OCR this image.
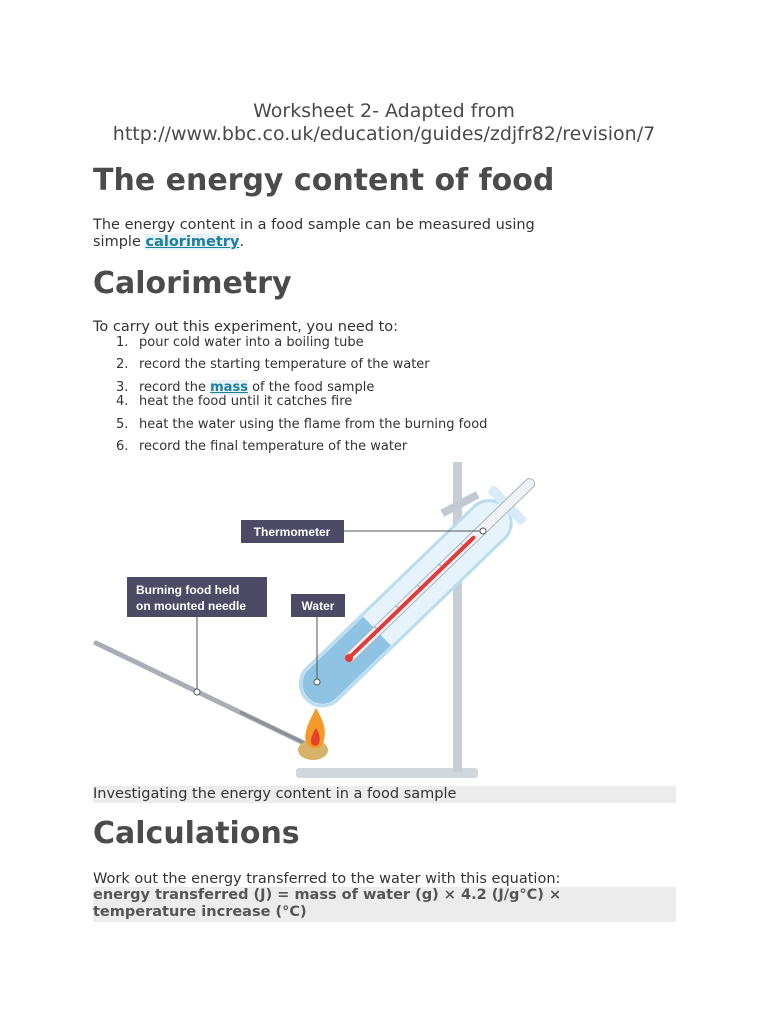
Worksheet 2- Adapted from
http://www.bbc.co.uk/education/guides/zdjfr82/revision/7
The energy content of food
The energy content in a food sample can be measured using simple calorimetry.
Calorimetry
To carry out this experiment, you need to:
1. pour cold water into a boiling tube
2. record the starting temperature of the water
3. record the mass of the food sample
4. heat the food until it catches fire
5. heat the water using the flame from the burning food
6. record the final temperature of the water
Thermometer
Burning food held
on mounted needle	Water
Investigating the energy content in a food sample
Calculations
Work out the energy transferred to the water with this equation:
energy transferred (J) = mass of water (g) × 4.2 (J/g°C) ×
temperature increase (°C)
